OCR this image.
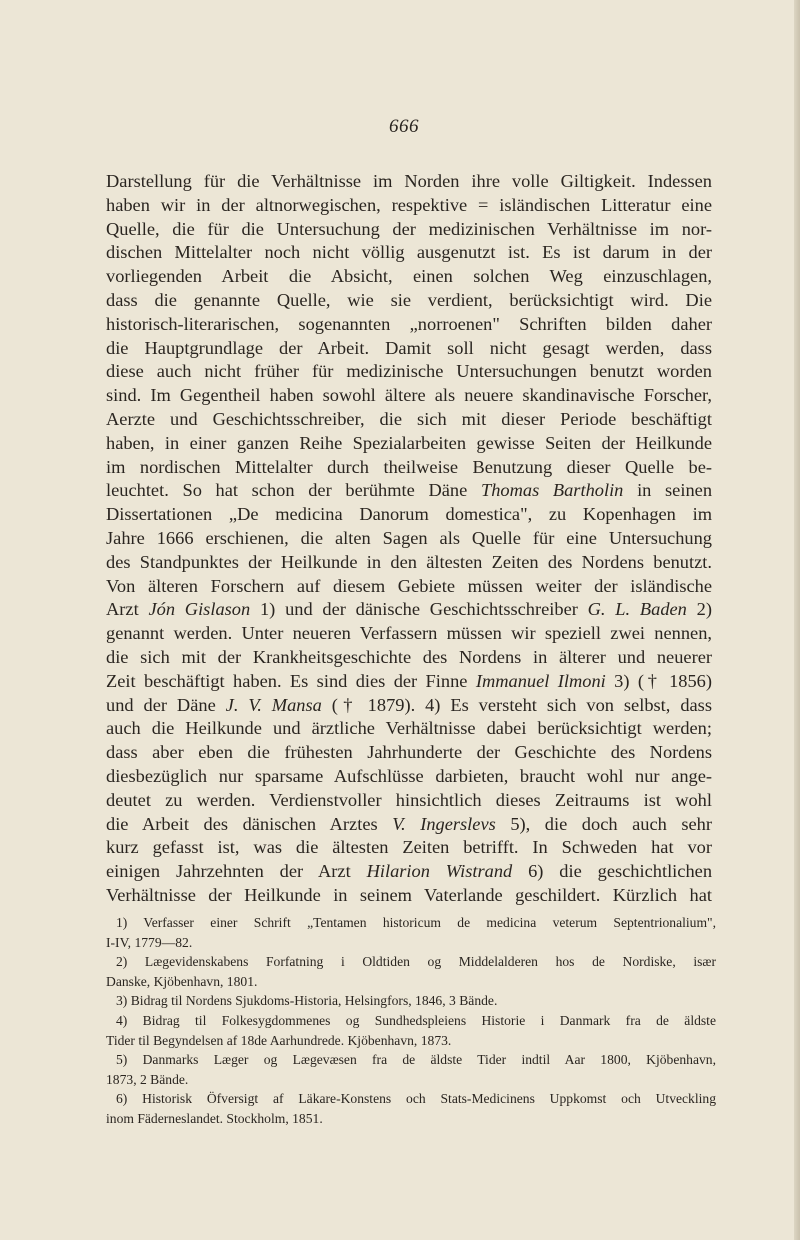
666
Darstellung für die Verhältnisse im Norden ihre volle Giltigkeit. Indessen
haben wir in der altnorwegischen, respektive = isländischen Litteratur eine
Quelle, die für die Untersuchung der medizinischen Verhältnisse im nor-
dischen Mittelalter noch nicht völlig ausgenutzt ist. Es ist darum in der
vorliegenden Arbeit die Absicht, einen solchen Weg einzuschlagen,
dass die genannte Quelle, wie sie verdient, berücksichtigt wird. Die
historisch-literarischen, sogenannten „norroenen" Schriften bilden daher
die Hauptgrundlage der Arbeit. Damit soll nicht gesagt werden, dass
diese auch nicht früher für medizinische Untersuchungen benutzt worden
sind. Im Gegentheil haben sowohl ältere als neuere skandinavische Forscher,
Aerzte und Geschichtsschreiber, die sich mit dieser Periode beschäftigt
haben, in einer ganzen Reihe Spezialarbeiten gewisse Seiten der Heilkunde
im nordischen Mittelalter durch theilweise Benutzung dieser Quelle be-
leuchtet. So hat schon der berühmte Däne Thomas Bartholin in seinen
Dissertationen „De medicina Danorum domestica", zu Kopenhagen im
Jahre 1666 erschienen, die alten Sagen als Quelle für eine Untersuchung
des Standpunktes der Heilkunde in den ältesten Zeiten des Nordens benutzt.
Von älteren Forschern auf diesem Gebiete müssen weiter der isländische
Arzt Jón Gislason 1) und der dänische Geschichtsschreiber G. L. Baden 2)
genannt werden. Unter neueren Verfassern müssen wir speziell zwei nennen,
die sich mit der Krankheitsgeschichte des Nordens in älterer und neuerer
Zeit beschäftigt haben. Es sind dies der Finne Immanuel Ilmoni 3) († 1856)
und der Däne J. V. Mansa († 1879). 4) Es versteht sich von selbst, dass
auch die Heilkunde und ärztliche Verhältnisse dabei berücksichtigt werden;
dass aber eben die frühesten Jahrhunderte der Geschichte des Nordens
diesbezüglich nur sparsame Aufschlüsse darbieten, braucht wohl nur ange-
deutet zu werden. Verdienstvoller hinsichtlich dieses Zeitraums ist wohl
die Arbeit des dänischen Arztes V. Ingerslevs 5), die doch auch sehr
kurz gefasst ist, was die ältesten Zeiten betrifft. In Schweden hat vor
einigen Jahrzehnten der Arzt Hilarion Wistrand 6) die geschichtlichen
Verhältnisse der Heilkunde in seinem Vaterlande geschildert. Kürzlich hat
1) Verfasser einer Schrift „Tentamen historicum de medicina veterum Septentrionalium",
I-IV, 1779—82.
2) Lægevidenskabens Forfatning i Oldtiden og Middelalderen hos de Nordiske, især
Danske, Kjöbenhavn, 1801.
3) Bidrag til Nordens Sjukdoms-Historia, Helsingfors, 1846, 3 Bände.
4) Bidrag til Folkesygdommenes og Sundhedspleiens Historie i Danmark fra de äldste
Tider til Begyndelsen af 18de Aarhundrede. Kjöbenhavn, 1873.
5) Danmarks Læger og Lægevæsen fra de äldste Tider indtil Aar 1800, Kjöbenhavn,
1873, 2 Bände.
6) Historisk Öfversigt af Läkare-Konstens och Stats-Medicinens Uppkomst och Utveckling
inom Fäderneslandet. Stockholm, 1851.
